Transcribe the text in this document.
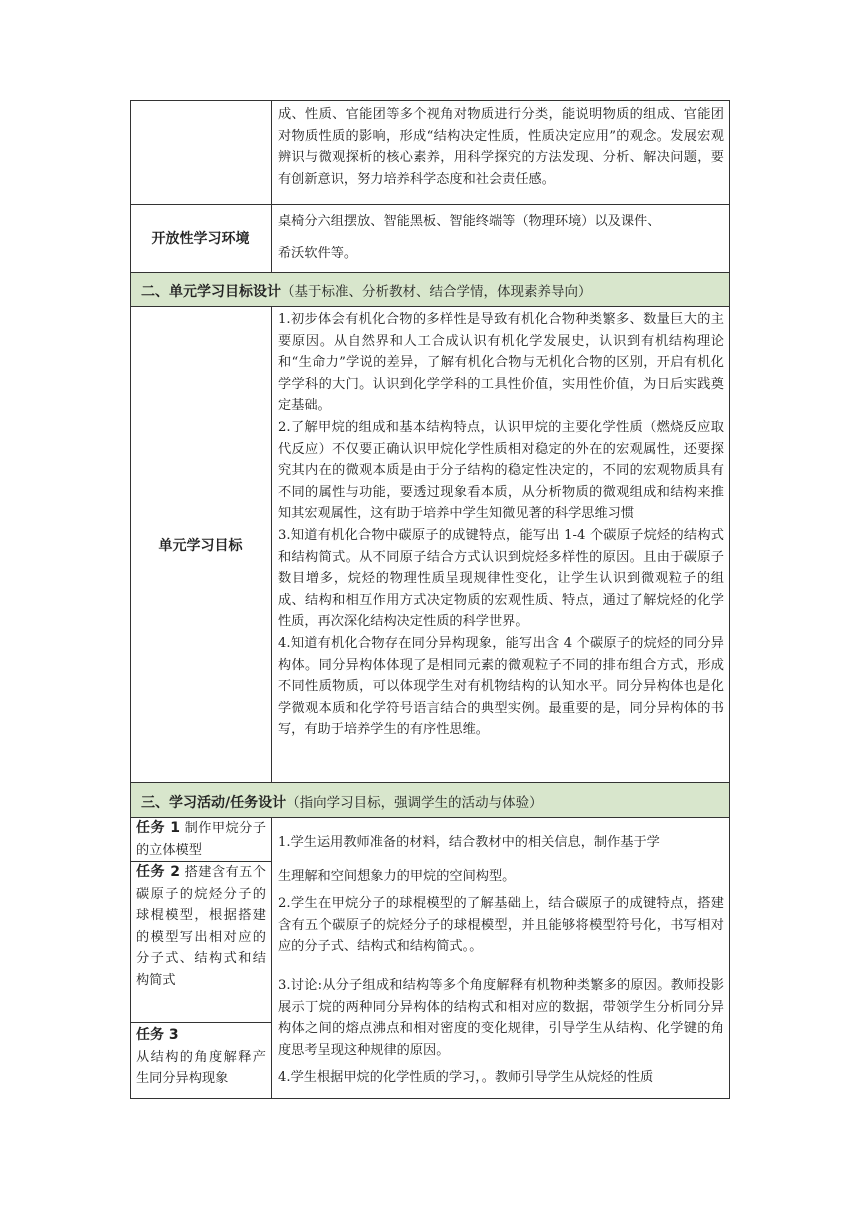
成、性质、官能团等多个视角对物质进行分类，能说明物质的组成、官能团对物质性质的影响，形成“结构决定性质，性质决定应用”的观念。发展宏观辨识与微观探析的核心素养，用科学探究的方法发现、分析、解决问题，要有创新意识，努力培养科学态度和社会责任感。
开放性学习环境
桌椅分六组摆放、智能黑板、智能终端等（物理环境）以及课件、
希沃软件等。
二、单元学习目标设计（基于标准、分析教材、结合学情，体现素养导向）
单元学习目标

1.初步体会有机化合物的多样性是导致有机化合物种类繁多、数量巨大的主要原因。从自然界和人工合成认识有机化学发展史，认识到有机结构理论和“生命力”学说的差异，了解有机化合物与无机化合物的区别，开启有机化学学科的大门。认识到化学学科的工具性价值，实用性价值，为日后实践奠定基础。

2.了解甲烷的组成和基本结构特点，认识甲烷的主要化学性质（燃烧反应取代反应）不仅要正确认识甲烷化学性质相对稳定的外在的宏观属性，还要探究其内在的微观本质是由于分子结构的稳定性决定的，不同的宏观物质具有不同的属性与功能，要透过现象看本质，从分析物质的微观组成和结构来推知其宏观属性，这有助于培养中学生知微见著的科学思维习惯

3.知道有机化合物中碳原子的成键特点，能写出 1-4 个碳原子烷烃的结构式和结构简式。从不同原子结合方式认识到烷烃多样性的原因。且由于碳原子数目增多，烷烃的物理性质呈现规律性变化，让学生认识到微观粒子的组成、结构和相互作用方式决定物质的宏观性质、特点，通过了解烷烃的化学性质，再次深化结构决定性质的科学世界。

4.知道有机化合物存在同分异构现象，能写出含 4 个碳原子的烷烃的同分异构体。同分异构体体现了是相同元素的微观粒子不同的排布组合方式，形成不同性质物质，可以体现学生对有机物结构的认知水平。同分异构体也是化学微观本质和化学符号语言结合的典型实例。最重要的是，同分异构体的书写，有助于培养学生的有序性思维。

三、学习活动/任务设计（指向学习目标，强调学生的活动与体验）
任务 1 制作甲烷分子的立体模型
任务 2 搭建含有五个碳原子的烷烃分子的球棍模型，根据搭建的模型写出相对应的分子式、结构式和结构简式
任务 3
从结构的角度解释产生同分异构现象
1.学生运用教师准备的材料，结合教材中的相关信息，制作基于学
生理解和空间想象力的甲烷的空间构型。
2.学生在甲烷分子的球棍模型的了解基础上，结合碳原子的成键特点，搭建含有五个碳原子的烷烃分子的球棍模型，并且能够将模型符号化，书写相对应的分子式、结构式和结构简式。。
3.讨论:从分子组成和结构等多个角度解释有机物种类繁多的原因。教师投影展示丁烷的两种同分异构体的结构式和相对应的数据，带领学生分析同分异构体之间的熔点沸点和相对密度的变化规律，引导学生从结构、化学键的角度思考呈现这种规律的原因。
4.学生根据甲烷的化学性质的学习，。教师引导学生从烷烃的性质
